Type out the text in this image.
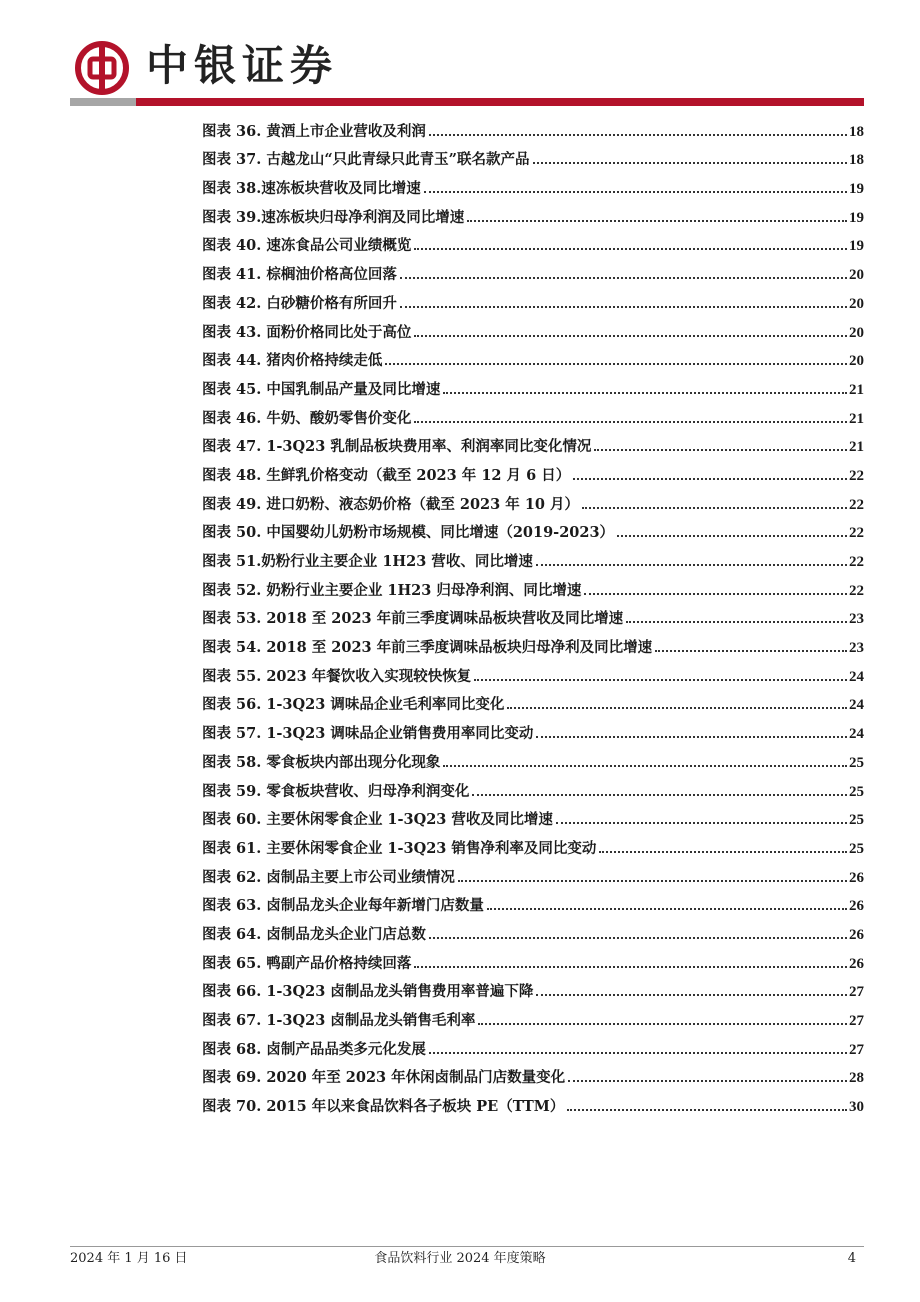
中银证券
图表 36. 黄酒上市企业营收及利润	18
图表 37. 古越龙山“只此青绿只此青玉”联名款产品	18
图表 38.速冻板块营收及同比增速	19
图表 39.速冻板块归母净利润及同比增速	19
图表 40. 速冻食品公司业绩概览	19
图表 41. 棕榈油价格高位回落	20
图表 42. 白砂糖价格有所回升	20
图表 43. 面粉价格同比处于高位	20
图表 44. 猪肉价格持续走低	20
图表 45. 中国乳制品产量及同比增速	21
图表 46. 牛奶、酸奶零售价变化	21
图表 47. 1-3Q23 乳制品板块费用率、利润率同比变化情况	21
图表 48. 生鲜乳价格变动（截至 2023 年 12 月 6 日）	22
图表 49. 进口奶粉、液态奶价格（截至 2023 年 10 月）	22
图表 50. 中国婴幼儿奶粉市场规模、同比增速（2019-2023）	22
图表 51.奶粉行业主要企业 1H23 营收、同比增速	22
图表 52. 奶粉行业主要企业 1H23 归母净利润、同比增速	22
图表 53. 2018 至 2023 年前三季度调味品板块营收及同比增速	23
图表 54. 2018 至 2023 年前三季度调味品板块归母净利及同比增速	23
图表 55. 2023 年餐饮收入实现较快恢复	24
图表 56. 1-3Q23 调味品企业毛利率同比变化	24
图表 57. 1-3Q23 调味品企业销售费用率同比变动	24
图表 58. 零食板块内部出现分化现象	25
图表 59. 零食板块营收、归母净利润变化	25
图表 60. 主要休闲零食企业 1-3Q23 营收及同比增速	25
图表 61. 主要休闲零食企业 1-3Q23 销售净利率及同比变动	25
图表 62. 卤制品主要上市公司业绩情况	26
图表 63. 卤制品龙头企业每年新增门店数量	26
图表 64. 卤制品龙头企业门店总数	26
图表 65. 鸭副产品价格持续回落	26
图表 66. 1-3Q23 卤制品龙头销售费用率普遍下降	27
图表 67. 1-3Q23 卤制品龙头销售毛利率	27
图表 68. 卤制产品品类多元化发展	27
图表 69. 2020 年至 2023 年休闲卤制品门店数量变化	28
图表 70. 2015 年以来食品饮料各子板块 PE（TTM）	30
2024 年 1 月 16 日	食品饮料行业 2024 年度策略	4
